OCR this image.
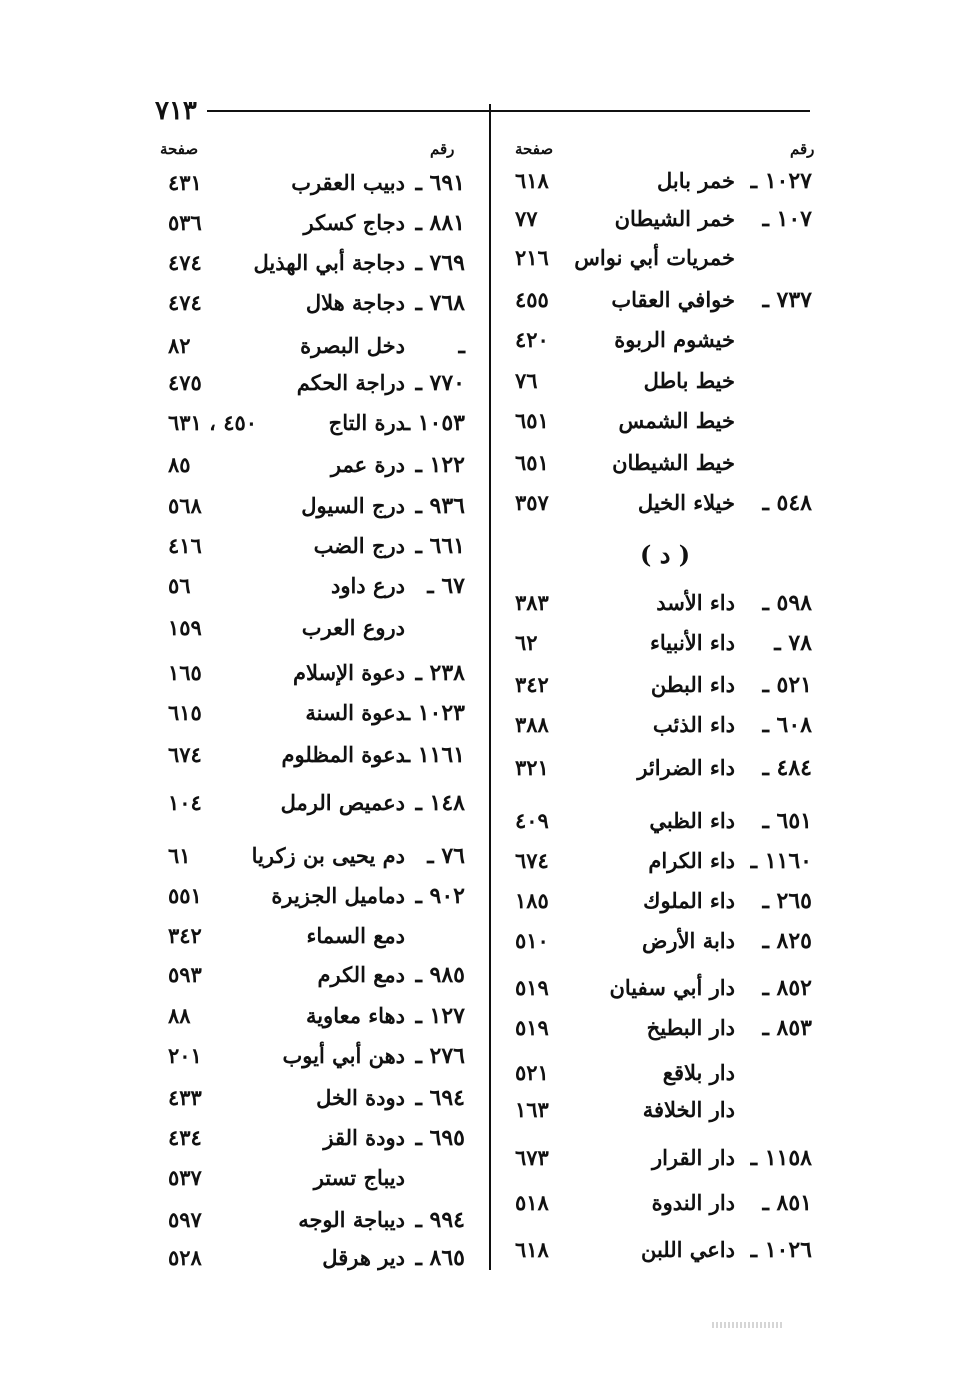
٧١٣
رقم
صفحة
رقم
صفحة
١٠٢٧ ـ
خمر بابل
٦١٨
١٠٧ ـ
خمر الشيطان
٧٧
خمريات أبي نواس
٢١٦
٧٣٧ ـ
خوافي العقاب
٤٥٥
خيشوم الربوة
٤٢٠
خيط باطل
٧٦
خيط الشمس
٦٥١
خيط الشيطان
٦٥١
٥٤٨ ـ
خيلاء الخيل
٣٥٧
( د )
٥٩٨ ـ
داء الأسد
٣٨٣
٧٨ ـ
داء الأنبياء
٦٢
٥٢١ ـ
داء البطن
٣٤٢
٦٠٨ ـ
داء الذئب
٣٨٨
٤٨٤ ـ
داء الضرائر
٣٢١
٦٥١ ـ
داء الظبي
٤٠٩
١١٦٠ ـ
داء الكرام
٦٧٤
٢٦٥ ـ
داء الملوك
١٨٥
٨٢٥ ـ
دابة الأرض
٥١٠
٨٥٢ ـ
دار أبي سفيان
٥١٩
٨٥٣ ـ
دار البطيخ
٥١٩
دار بلاقع
٥٢١
دار الخلافة
١٦٣
١١٥٨ ـ
دار القرار
٦٧٣
٨٥١ ـ
دار الندوة
٥١٨
١٠٢٦ ـ
داعي اللبن
٦١٨
٦٩١ ـ
دبيب العقرب
٤٣١
٨٨١ ـ
دجاج كسكر
٥٣٦
٧٦٩ ـ
دجاجة أبي الهذيل
٤٧٤
٧٦٨ ـ
دجاجة هلال
٤٧٤
ـ
دخل البصرة
٨٢
٧٧٠ ـ
دراجة الحكم
٤٧٥
١٠٥٣ ـ
درة التاج
٤٥٠ ، ٦٣١
١٢٢ ـ
درة عمر
٨٥
٩٣٦ ـ
درج السيول
٥٦٨
٦٦١ ـ
درج الضب
٤١٦
٦٧ ـ
درع داود
٥٦
دروع العرب
١٥٩
٢٣٨ ـ
دعوة الإسلام
١٦٥
١٠٢٣ ـ
دعوة السنة
٦١٥
١١٦١ ـ
دعوة المظلوم
٦٧٤
١٤٨ ـ
دعميص الرمل
١٠٤
٧٦ ـ
دم يحيى بن زكريا
٦١
٩٠٢ ـ
دماميل الجزيرة
٥٥١
دمع السماء
٣٤٢
٩٨٥ ـ
دمع الكرم
٥٩٣
١٢٧ ـ
دهاء معاوية
٨٨
٢٧٦ ـ
دهن أبي أيوب
٢٠١
٦٩٤ ـ
دودة الخل
٤٣٣
٦٩٥ ـ
دودة القز
٤٣٤
ديباج تستر
٥٣٧
٩٩٤ ـ
ديباجة الوجه
٥٩٧
٨٦٥ ـ
دير هرقل
٥٢٨
